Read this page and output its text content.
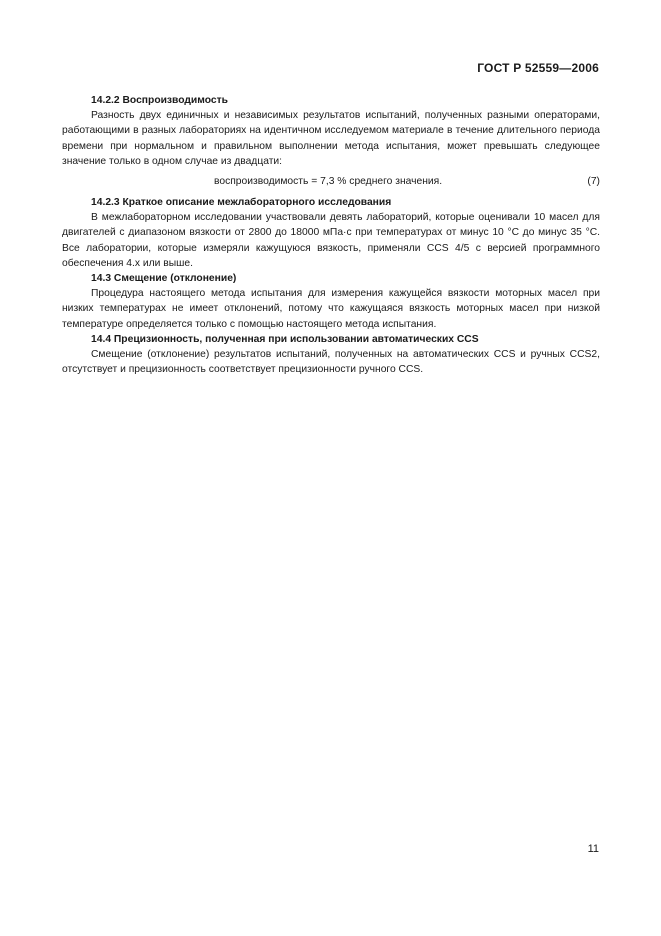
ГОСТ Р 52559—2006
14.2.2 Воспроизводимость

Разность двух единичных и независимых результатов испытаний, полученных разными операторами, работающими в разных лабораториях на идентичном исследуемом материале в течение длительного периода времени при нормальном и правильном выполнении метода испытания, может превышать следующее значение только в одном случае из двадцати:

воспроизводимость = 7,3 % среднего значения.	(7)
14.2.3 Краткое описание межлабораторного исследования

В межлабораторном исследовании участвовали девять лабораторий, которые оценивали 10 масел для двигателей с диапазоном вязкости от 2800 до 18000 мПа·с при температурах от минус 10 °С до минус 35 °С. Все лаборатории, которые измеряли кажущуюся вязкость, применяли CCS 4/5 с версией программного обеспечения 4.х или выше.

14.3 Смещение (отклонение)

Процедура настоящего метода испытания для измерения кажущейся вязкости моторных масел при низких температурах не имеет отклонений, потому что кажущаяся вязкость моторных масел при низкой температуре определяется только с помощью настоящего метода испытания.

14.4 Прецизионность, полученная при использовании автоматических CCS

Смещение (отклонение) результатов испытаний, полученных на автоматических CCS и ручных CCS2, отсутствует и прецизионность соответствует прецизионности ручного CCS.

11
